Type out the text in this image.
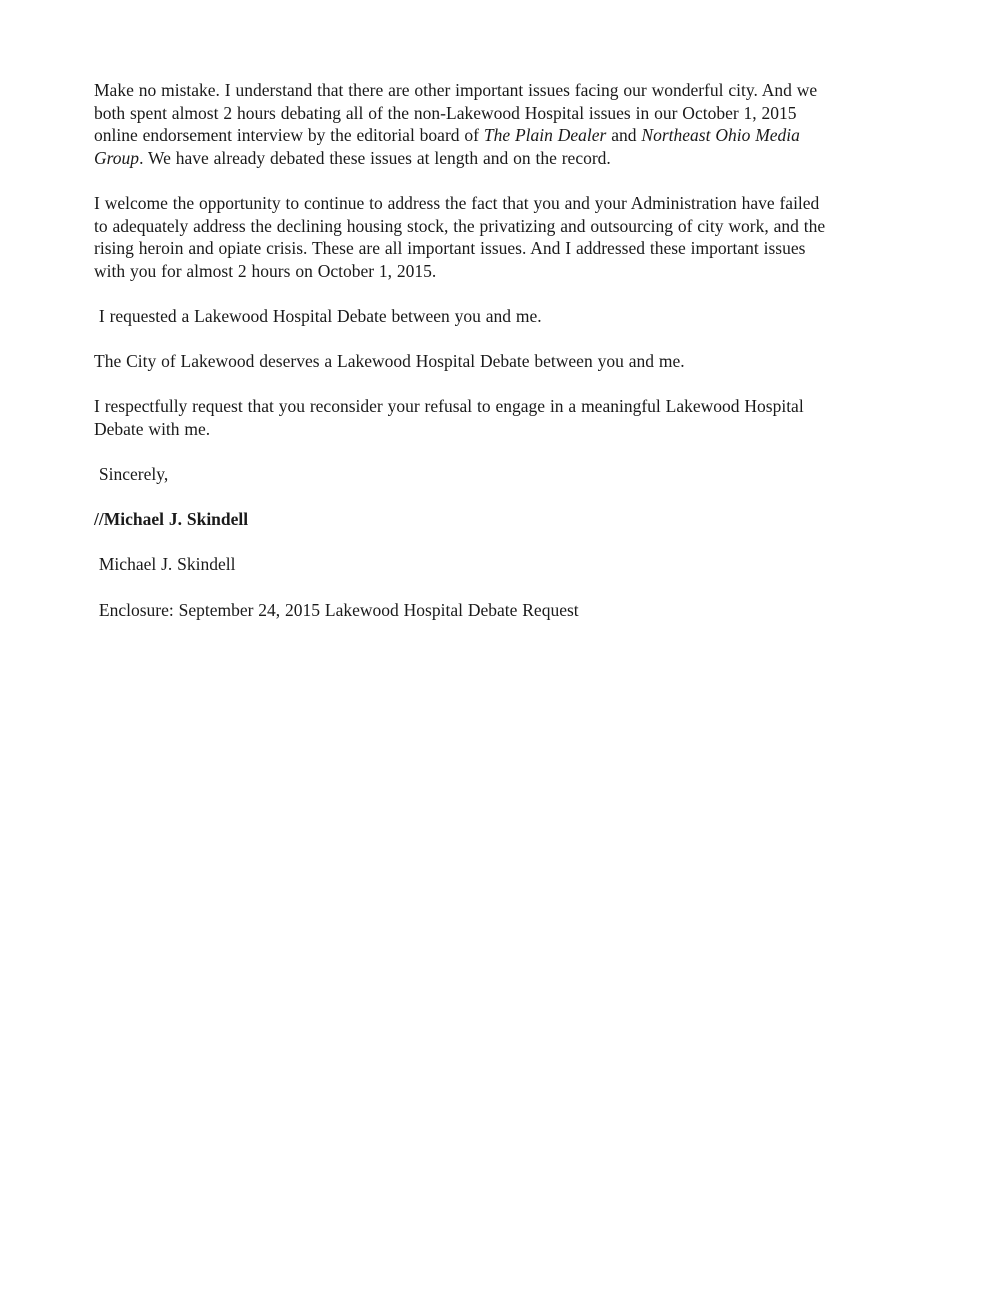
Make no mistake. I understand that there are other important issues facing our wonderful city. And we
both spent almost 2 hours debating all of the non-Lakewood Hospital issues in our October 1, 2015
online endorsement interview by the editorial board of The Plain Dealer and Northeast Ohio Media
Group. We have already debated these issues at length and on the record.
I welcome the opportunity to continue to address the fact that you and your Administration have failed
to adequately address the declining housing stock, the privatizing and outsourcing of city work, and the
rising heroin and opiate crisis. These are all important issues. And I addressed these important issues
with you for almost 2 hours on October 1, 2015.
I requested a Lakewood Hospital Debate between you and me.
The City of Lakewood deserves a Lakewood Hospital Debate between you and me.
I respectfully request that you reconsider your refusal to engage in a meaningful Lakewood Hospital
Debate with me.
Sincerely,
//Michael J. Skindell
Michael J. Skindell
Enclosure: September 24, 2015 Lakewood Hospital Debate Request
